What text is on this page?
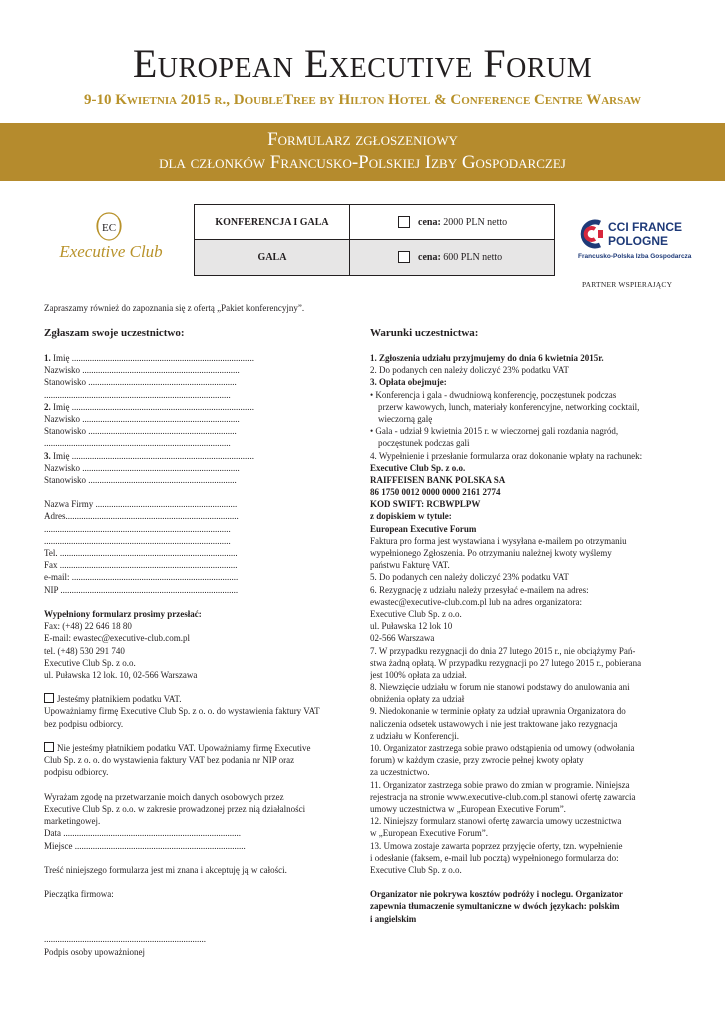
European Executive Forum
9-10 Kwietnia 2015 r., DoubleTree by Hilton Hotel & Conference Centre Warsaw
Formularz zgłoszeniowy
dla członków Francusko-Polskiej Izby Gospodarczej
EC
Executive Club
KONFERENCJA I GALA	cena: 2000 PLN netto
GALA	cena: 600 PLN netto
CCI FRANCE
POLOGNE
Francusko-Polska Izba Gospodarcza
PARTNER WSPIERAJĄCY
Zapraszamy również do zapoznania się z ofertą „Pakiet konferencyjny”.
Zgłaszam swoje uczestnictwo:
1. Imię .................................................................................
Nazwisko ......................................................................
Stanowisko ..................................................................
...................................................................................
2. Imię .................................................................................
Nazwisko ......................................................................
Stanowisko ..................................................................
...................................................................................
3. Imię .................................................................................
Nazwisko ......................................................................
Stanowisko ..................................................................
Nazwa Firmy ...............................................................
Adres.............................................................................
...................................................................................
...................................................................................
Tel. ...............................................................................
Fax ...............................................................................
e-mail: ..........................................................................
NIP ...............................................................................
Wypełniony formularz prosimy przesłać:
Fax: (+48) 22 646 18 80
E-mail: ewastec@executive-club.com.pl
tel. (+48) 530 291 740
Executive Club Sp. z o.o.
ul. Puławska 12 lok. 10, 02-566 Warszawa
Jesteśmy płatnikiem podatku VAT.
Upoważniamy firmę Executive Club Sp. z o. o. do wystawienia faktury VAT
bez podpisu odbiorcy.
Nie jesteśmy płatnikiem podatku VAT. Upoważniamy firmę Executive
Club Sp. z o. o. do wystawienia faktury VAT bez podania nr NIP oraz
podpisu odbiorcy.
Wyrażam zgodę na przetwarzanie moich danych osobowych przez
Executive Club Sp. z o.o. w zakresie prowadzonej przez nią działalności
marketingowej.
Data ...............................................................................
Miejsce ............................................................................
Treść niniejszego formularza jest mi znana i akceptuję ją w całości.
Pieczątka firmowa:
........................................................................
Podpis osoby upoważnionej
Warunki uczestnictwa:
1. Zgłoszenia udziału przyjmujemy do dnia 6 kwietnia 2015r.
2. Do podanych cen należy doliczyć 23% podatku VAT
3. Opłata obejmuje:
• Konferencja i gala - dwudniową konferencję, poczęstunek podczas
przerw kawowych, lunch, materiały konferencyjne, networking cocktail,
wieczorną galę
• Gala - udział 9 kwietnia 2015 r. w wieczornej gali rozdania nagród,
poczęstunek podczas gali
4. Wypełnienie i przesłanie formularza oraz dokonanie wpłaty na rachunek:
Executive Club Sp. z o.o.
RAIFFEISEN BANK POLSKA SA
86 1750 0012 0000 0000 2161 2774
KOD SWIFT: RCBWPLPW
z dopiskiem w tytule:
European Executive Forum
Faktura pro forma jest wystawiana i wysyłana e-mailem po otrzymaniu
wypełnionego Zgłoszenia. Po otrzymaniu należnej kwoty wyślemy
państwu Fakturę VAT.
5. Do podanych cen należy doliczyć 23% podatku VAT
6. Rezygnację z udziału należy przesyłać e-mailem na adres:
ewastec@executive-club.com.pl lub na adres organizatora:
Executive Club Sp. z o.o.
ul. Puławska 12 lok 10
02-566 Warszawa
7. W przypadku rezygnacji do dnia 27 lutego 2015 r., nie obciążymy Pań-
stwa żadną opłatą. W przypadku rezygnacji po 27 lutego 2015 r., pobierana
jest 100% opłata za udział.
8. Niewzięcie udziału w forum nie stanowi podstawy do anulowania ani
obniżenia opłaty za udział
9. Niedokonanie w terminie opłaty za udział uprawnia Organizatora do
naliczenia odsetek ustawowych i nie jest traktowane jako rezygnacja
z udziału w Konferencji.
10. Organizator zastrzega sobie prawo odstąpienia od umowy (odwołania
forum) w każdym czasie, przy zwrocie pełnej kwoty opłaty
za uczestnictwo.
11. Organizator zastrzega sobie prawo do zmian w programie. Niniejsza
rejestracja na stronie www.executive-club.com.pl stanowi ofertę zawarcia
umowy uczestnictwa w „European Executive Forum”.
12. Niniejszy formularz stanowi ofertę zawarcia umowy uczestnictwa
w „European Executive Forum”.
13. Umowa zostaje zawarta poprzez przyjęcie oferty, tzn. wypełnienie
i odesłanie (faksem, e-mail lub pocztą) wypełnionego formularza do:
Executive Club Sp. z o.o.
Organizator nie pokrywa kosztów podróży i noclegu. Organizator
zapewnia tłumaczenie symultaniczne w dwóch językach: polskim
i angielskim
